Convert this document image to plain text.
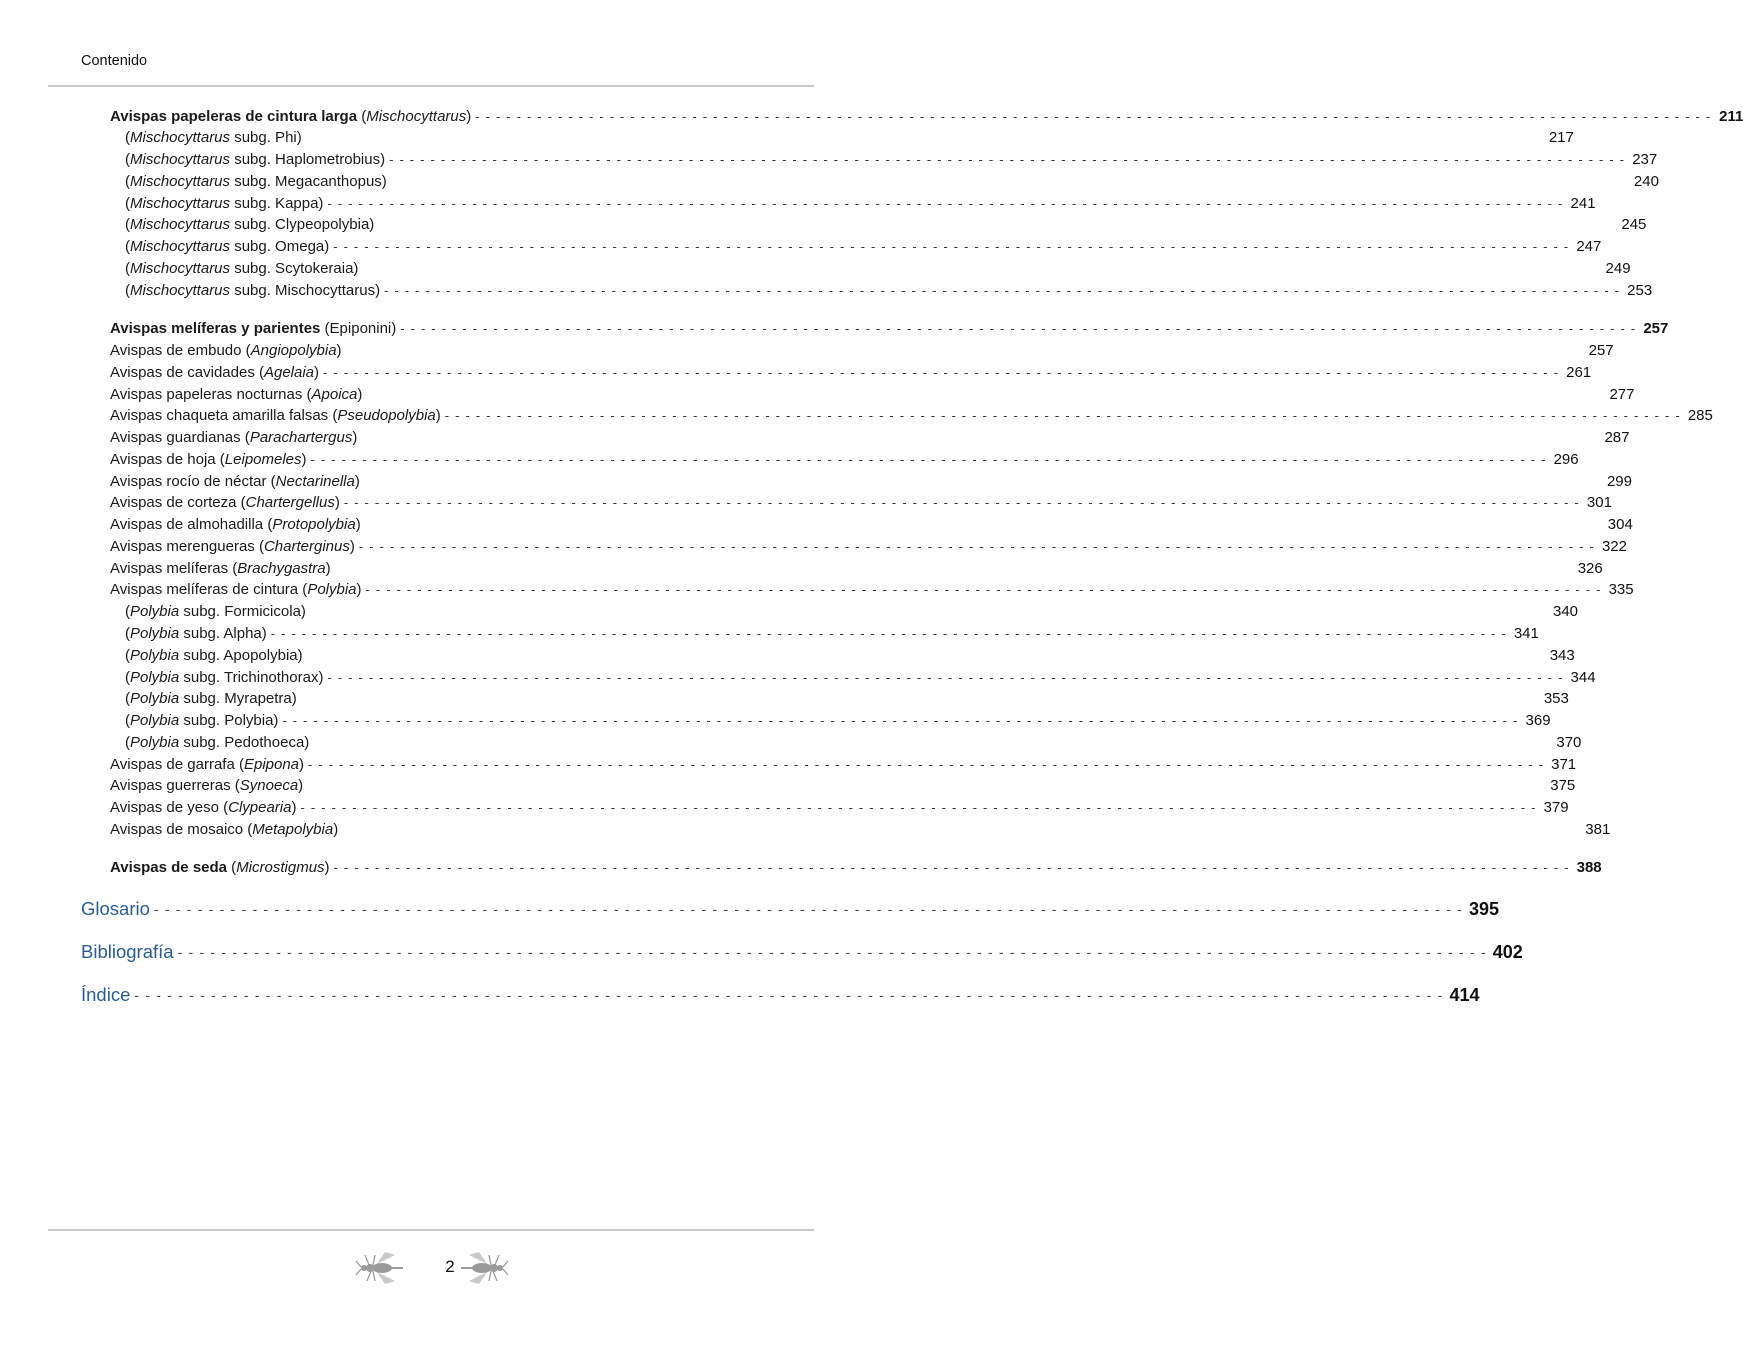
Contenido
Avispas papeleras de cintura larga (Mischocyttarus) - - - - - - - - - - - - - - - - - - - - - - - - - - - - - - - - - - - - - - - - - - - - - - - - - - - - - - - - - - - - - - - - - - - - - - - - - - - - - - - - - - - - - - - - - - - - - - - - - - - - - - - - - - - - - - - - - - - - - - - - 211
(Mischocyttarus subg. Phi)	217
(Mischocyttarus subg. Haplometrobius) - - - - - - - - - - - - - - - - - - - - - - - - - - - - - - - - - - - - - - - - - - - - - - - - - - - - - - - - - - - - - - - - - - - - - - - - - - - - - - - - - - - - - - - - - - - - - - - - - - - - - - - - - - - - - - - - - - - - - - - - 237
(Mischocyttarus subg. Megacanthopus)	240
(Mischocyttarus subg. Kappa) - - - - - - - - - - - - - - - - - - - - - - - - - - - - - - - - - - - - - - - - - - - - - - - - - - - - - - - - - - - - - - - - - - - - - - - - - - - - - - - - - - - - - - - - - - - - - - - - - - - - - - - - - - - - - - - - - - - - - - - - 241
(Mischocyttarus subg. Clypeopolybia)	245
(Mischocyttarus subg. Omega) - - - - - - - - - - - - - - - - - - - - - - - - - - - - - - - - - - - - - - - - - - - - - - - - - - - - - - - - - - - - - - - - - - - - - - - - - - - - - - - - - - - - - - - - - - - - - - - - - - - - - - - - - - - - - - - - - - - - - - - - 247
(Mischocyttarus subg. Scytokeraia)	249
(Mischocyttarus subg. Mischocyttarus) - - - - - - - - - - - - - - - - - - - - - - - - - - - - - - - - - - - - - - - - - - - - - - - - - - - - - - - - - - - - - - - - - - - - - - - - - - - - - - - - - - - - - - - - - - - - - - - - - - - - - - - - - - - - - - - - - - - - - - - - 253
Avispas melíferas y parientes (Epiponini) - - - - - - - - - - - - - - - - - - - - - - - - - - - - - - - - - - - - - - - - - - - - - - - - - - - - - - - - - - - - - - - - - - - - - - - - - - - - - - - - - - - - - - - - - - - - - - - - - - - - - - - - - - - - - - - - - - - - - - - - 257
Avispas de embudo (Angiopolybia)	257
Avispas de cavidades (Agelaia) - - - - - - - - - - - - - - - - - - - - - - - - - - - - - - - - - - - - - - - - - - - - - - - - - - - - - - - - - - - - - - - - - - - - - - - - - - - - - - - - - - - - - - - - - - - - - - - - - - - - - - - - - - - - - - - - - - - - - - - - 261
Avispas papeleras nocturnas (Apoica)	277
Avispas chaqueta amarilla falsas (Pseudopolybia) - - - - - - - - - - - - - - - - - - - - - - - - - - - - - - - - - - - - - - - - - - - - - - - - - - - - - - - - - - - - - - - - - - - - - - - - - - - - - - - - - - - - - - - - - - - - - - - - - - - - - - - - - - - - - - - - - - - - - - - - 285
Avispas guardianas (Parachartergus)	287
Avispas de hoja (Leipomeles) - - - - - - - - - - - - - - - - - - - - - - - - - - - - - - - - - - - - - - - - - - - - - - - - - - - - - - - - - - - - - - - - - - - - - - - - - - - - - - - - - - - - - - - - - - - - - - - - - - - - - - - - - - - - - - - - - - - - - - - - 296
Avispas rocío de néctar (Nectarinella)	299
Avispas de corteza (Chartergellus) - - - - - - - - - - - - - - - - - - - - - - - - - - - - - - - - - - - - - - - - - - - - - - - - - - - - - - - - - - - - - - - - - - - - - - - - - - - - - - - - - - - - - - - - - - - - - - - - - - - - - - - - - - - - - - - - - - - - - - - - 301
Avispas de almohadilla (Protopolybia)	304
Avispas merengueras (Charterginus) - - - - - - - - - - - - - - - - - - - - - - - - - - - - - - - - - - - - - - - - - - - - - - - - - - - - - - - - - - - - - - - - - - - - - - - - - - - - - - - - - - - - - - - - - - - - - - - - - - - - - - - - - - - - - - - - - - - - - - - - 322
Avispas melíferas (Brachygastra)	326
Avispas melíferas de cintura (Polybia) - - - - - - - - - - - - - - - - - - - - - - - - - - - - - - - - - - - - - - - - - - - - - - - - - - - - - - - - - - - - - - - - - - - - - - - - - - - - - - - - - - - - - - - - - - - - - - - - - - - - - - - - - - - - - - - - - - - - - - - - 335
(Polybia subg. Formicicola)	340
(Polybia subg. Alpha) - - - - - - - - - - - - - - - - - - - - - - - - - - - - - - - - - - - - - - - - - - - - - - - - - - - - - - - - - - - - - - - - - - - - - - - - - - - - - - - - - - - - - - - - - - - - - - - - - - - - - - - - - - - - - - - - - - - - - - - - 341
(Polybia subg. Apopolybia)	343
(Polybia subg. Trichinothorax) - - - - - - - - - - - - - - - - - - - - - - - - - - - - - - - - - - - - - - - - - - - - - - - - - - - - - - - - - - - - - - - - - - - - - - - - - - - - - - - - - - - - - - - - - - - - - - - - - - - - - - - - - - - - - - - - - - - - - - - - 344
(Polybia subg. Myrapetra)	353
(Polybia subg. Polybia) - - - - - - - - - - - - - - - - - - - - - - - - - - - - - - - - - - - - - - - - - - - - - - - - - - - - - - - - - - - - - - - - - - - - - - - - - - - - - - - - - - - - - - - - - - - - - - - - - - - - - - - - - - - - - - - - - - - - - - - - 369
(Polybia subg. Pedothoeca)	370
Avispas de garrafa (Epipona) - - - - - - - - - - - - - - - - - - - - - - - - - - - - - - - - - - - - - - - - - - - - - - - - - - - - - - - - - - - - - - - - - - - - - - - - - - - - - - - - - - - - - - - - - - - - - - - - - - - - - - - - - - - - - - - - - - - - - - - - 371
Avispas guerreras (Synoeca)	375
Avispas de yeso (Clypearia) - - - - - - - - - - - - - - - - - - - - - - - - - - - - - - - - - - - - - - - - - - - - - - - - - - - - - - - - - - - - - - - - - - - - - - - - - - - - - - - - - - - - - - - - - - - - - - - - - - - - - - - - - - - - - - - - - - - - - - - - 379
Avispas de mosaico (Metapolybia)	381
Avispas de seda (Microstigmus) - - - - - - - - - - - - - - - - - - - - - - - - - - - - - - - - - - - - - - - - - - - - - - - - - - - - - - - - - - - - - - - - - - - - - - - - - - - - - - - - - - - - - - - - - - - - - - - - - - - - - - - - - - - - - - - - - - - - - - - - 388
Glosario - - - - - - - - - - - - - - - - - - - - - - - - - - - - - - - - - - - - - - - - - - - - - - - - - - - - - - - - - - - - - - - - - - - - - - - - - - - - - - - - - - - - - - - - - - - - - - - - - - - - - - - - - - - - - - - - - - - - - - - - 395
Bibliografía - - - - - - - - - - - - - - - - - - - - - - - - - - - - - - - - - - - - - - - - - - - - - - - - - - - - - - - - - - - - - - - - - - - - - - - - - - - - - - - - - - - - - - - - - - - - - - - - - - - - - - - - - - - - - - - - - - - - - - - - 402
Índice - - - - - - - - - - - - - - - - - - - - - - - - - - - - - - - - - - - - - - - - - - - - - - - - - - - - - - - - - - - - - - - - - - - - - - - - - - - - - - - - - - - - - - - - - - - - - - - - - - - - - - - - - - - - - - - - - - - - - - - - 414
2
